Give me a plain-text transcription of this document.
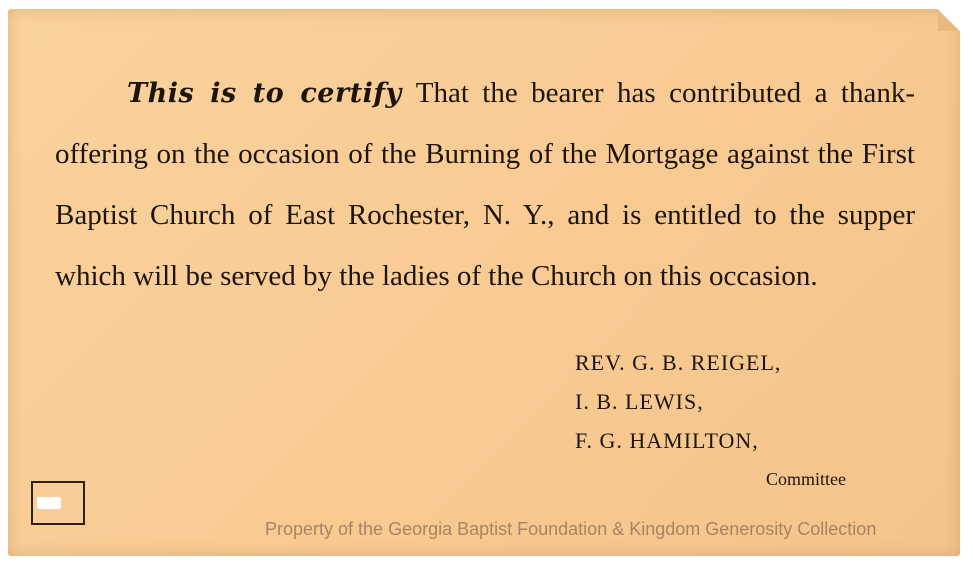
This is to certify That the bearer has contributed a thank-offering on the occasion of the Burning of the Mortgage against the First Baptist Church of East Rochester, N. Y., and is entitled to the supper which will be served by the ladies of the Church on this occasion.
REV. G. B. REIGEL,
I. B. LEWIS,
F. G. HAMILTON,
Committee
Property of the Georgia Baptist Foundation & Kingdom Generosity Collection
